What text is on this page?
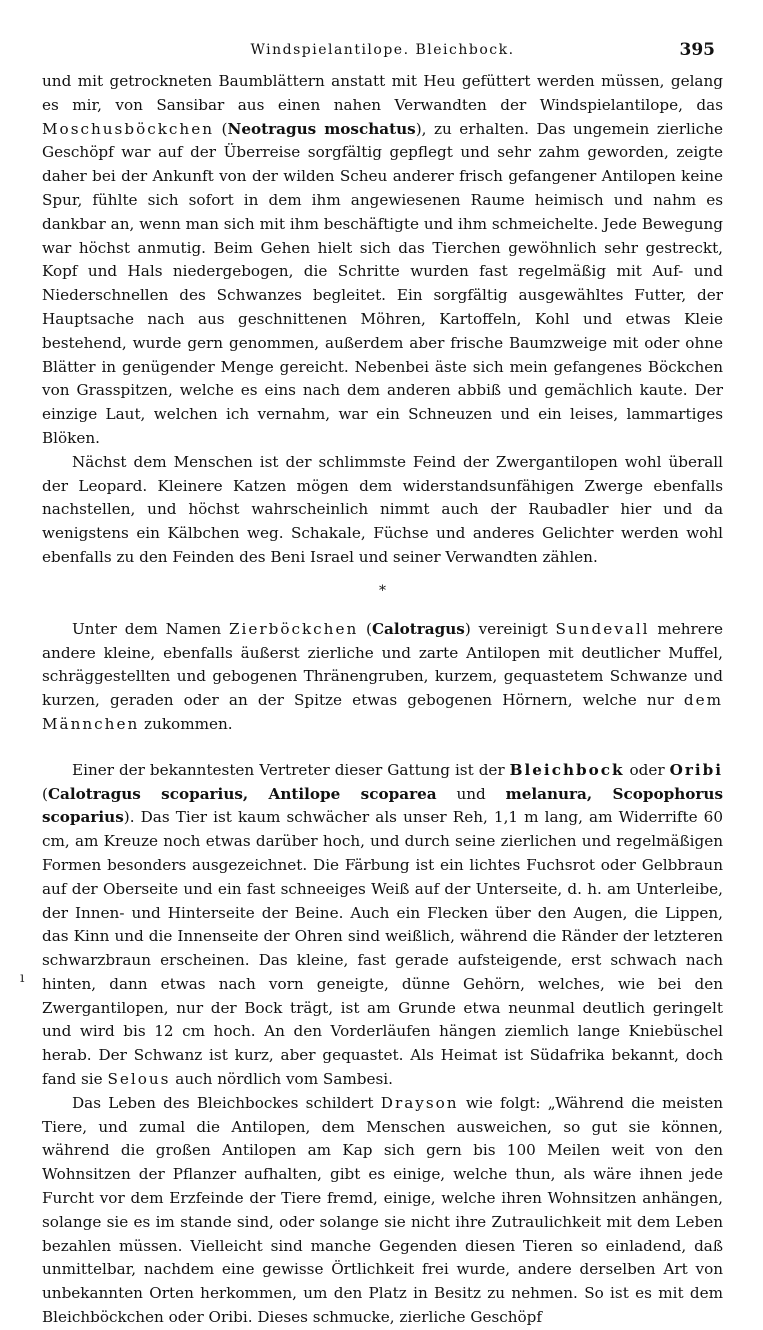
Windspielantilope. Bleichbock.	395

und mit getrockneten Baumblättern anstatt mit Heu gefüttert werden müssen, gelang es mir, von Sansibar aus einen nahen Verwandten der Windspielantilope, das Moschusböckchen (Neotragus moschatus), zu erhalten. Das ungemein zierliche Geschöpf war auf der Überreise sorgfältig gepflegt und sehr zahm geworden, zeigte daher bei der Ankunft von der wilden Scheu anderer frisch gefangener Antilopen keine Spur, fühlte sich sofort in dem ihm angewiesenen Raume heimisch und nahm es dankbar an, wenn man sich mit ihm beschäftigte und ihm schmeichelte. Jede Bewegung war höchst anmutig. Beim Gehen hielt sich das Tierchen gewöhnlich sehr gestreckt, Kopf und Hals niedergebogen, die Schritte wurden fast regelmäßig mit Auf- und Niederschnellen des Schwanzes begleitet. Ein sorgfältig ausgewähltes Futter, der Hauptsache nach aus geschnittenen Möhren, Kartoffeln, Kohl und etwas Kleie bestehend, wurde gern genommen, außerdem aber frische Baumzweige mit oder ohne Blätter in genügender Menge gereicht. Nebenbei äste sich mein gefangenes Böckchen von Grasspitzen, welche es eins nach dem anderen abbiß und gemächlich kaute. Der einzige Laut, welchen ich vernahm, war ein Schneuzen und ein leises, lammartiges Blöken.

Nächst dem Menschen ist der schlimmste Feind der Zwergantilopen wohl überall der Leopard. Kleinere Katzen mögen dem widerstandsunfähigen Zwerge ebenfalls nachstellen, und höchst wahrscheinlich nimmt auch der Raubadler hier und da wenigstens ein Kälbchen weg. Schakale, Füchse und anderes Gelichter werden wohl ebenfalls zu den Feinden des Beni Israel und seiner Verwandten zählen.

*

Unter dem Namen Zierböckchen (Calotragus) vereinigt Sundevall mehrere andere kleine, ebenfalls äußerst zierliche und zarte Antilopen mit deutlicher Muffel, schräggestellten und gebogenen Thränengruben, kurzem, gequastetem Schwanze und kurzen, geraden oder an der Spitze etwas gebogenen Hörnern, welche nur dem Männchen zukommen.

Einer der bekanntesten Vertreter dieser Gattung ist der Bleichbock oder Oribi (Calotragus scoparius, Antilope scoparea und melanura, Scopophorus scoparius). Das Tier ist kaum schwächer als unser Reh, 1,1 m lang, am Widerrifte 60 cm, am Kreuze noch etwas darüber hoch, und durch seine zierlichen und regelmäßigen Formen besonders ausgezeichnet. Die Färbung ist ein lichtes Fuchsrot oder Gelbbraun auf der Oberseite und ein fast schneeiges Weiß auf der Unterseite, d. h. am Unterleibe, der Innen- und Hinterseite der Beine. Auch ein Flecken über den Augen, die Lippen, das Kinn und die Innenseite der Ohren sind weißlich, während die Ränder der letzteren schwarzbraun erscheinen. Das kleine, fast gerade aufsteigende, erst schwach nach hinten, dann etwas nach vorn geneigte, dünne Gehörn, welches, wie bei den Zwergantilopen, nur der Bock trägt, ist am Grunde etwa neunmal deutlich geringelt und wird bis 12 cm hoch. An den Vorderläufen hängen ziemlich lange Kniebüschel herab. Der Schwanz ist kurz, aber gequastet. Als Heimat ist Südafrika bekannt, doch fand sie Selous auch nördlich vom Sambesi.

Das Leben des Bleichbockes schildert Drayson wie folgt: „Während die meisten Tiere, und zumal die Antilopen, dem Menschen ausweichen, so gut sie können, während die großen Antilopen am Kap sich gern bis 100 Meilen weit von den Wohnsitzen der Pflanzer aufhalten, gibt es einige, welche thun, als wäre ihnen jede Furcht vor dem Erzfeinde der Tiere fremd, einige, welche ihren Wohnsitzen anhängen, solange sie es im stande sind, oder solange sie nicht ihre Zutraulichkeit mit dem Leben bezahlen müssen. Vielleicht sind manche Gegenden diesen Tieren so einladend, daß unmittelbar, nachdem eine gewisse Örtlichkeit frei wurde, andere derselben Art von unbekannten Orten herkommen, um den Platz in Besitz zu nehmen. So ist es mit dem Bleichböckchen oder Oribi. Dieses schmucke, zierliche Geschöpf

ı
